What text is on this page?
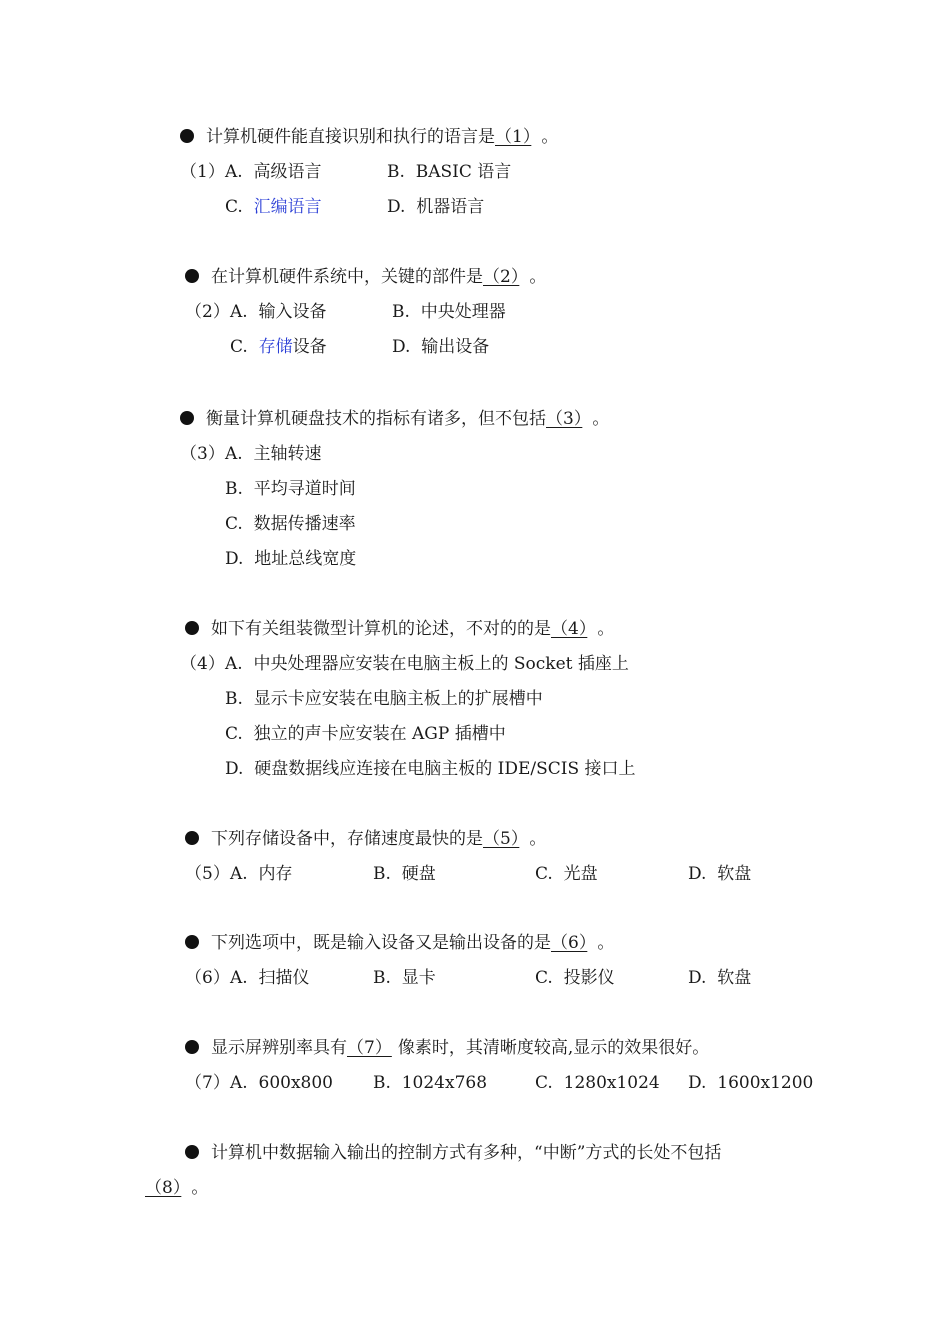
计算机硬件能直接识别和执行的语言是（1） 。
（1） A. 高级语言	B. BASIC 语言
C. 汇编语言	D. 机器语言
在计算机硬件系统中，关键的部件是（2） 。
（2） A. 输入设备	B. 中央处理器
C. 存储设备	D. 输出设备
衡量计算机硬盘技术的指标有诸多，但不包括（3） 。
（3） A. 主轴转速
B. 平均寻道时间
C. 数据传播速率
D. 地址总线宽度
如下有关组装微型计算机的论述，不对的的是（4） 。
（4） A. 中央处理器应安装在电脑主板上的 Socket 插座上
B. 显示卡应安装在电脑主板上的扩展槽中
C. 独立的声卡应安装在 AGP 插槽中
D. 硬盘数据线应连接在电脑主板的 IDE/SCIS 接口上
下列存储设备中，存储速度最快的是（5） 。
（5） A. 内存	B. 硬盘	C. 光盘	D. 软盘
下列选项中，既是输入设备又是输出设备的是（6） 。
（6） A. 扫描仪	B. 显卡	C. 投影仪	D. 软盘
显示屏辨别率具有（7） 像素时，其清晰度较高,显示的效果很好。
（7） A. 600x800 B. 1024x768	C. 1280x1024 D. 1600x1200
计算机中数据输入输出的控制方式有多种，“中断”方式的长处不包括
（8） 。
